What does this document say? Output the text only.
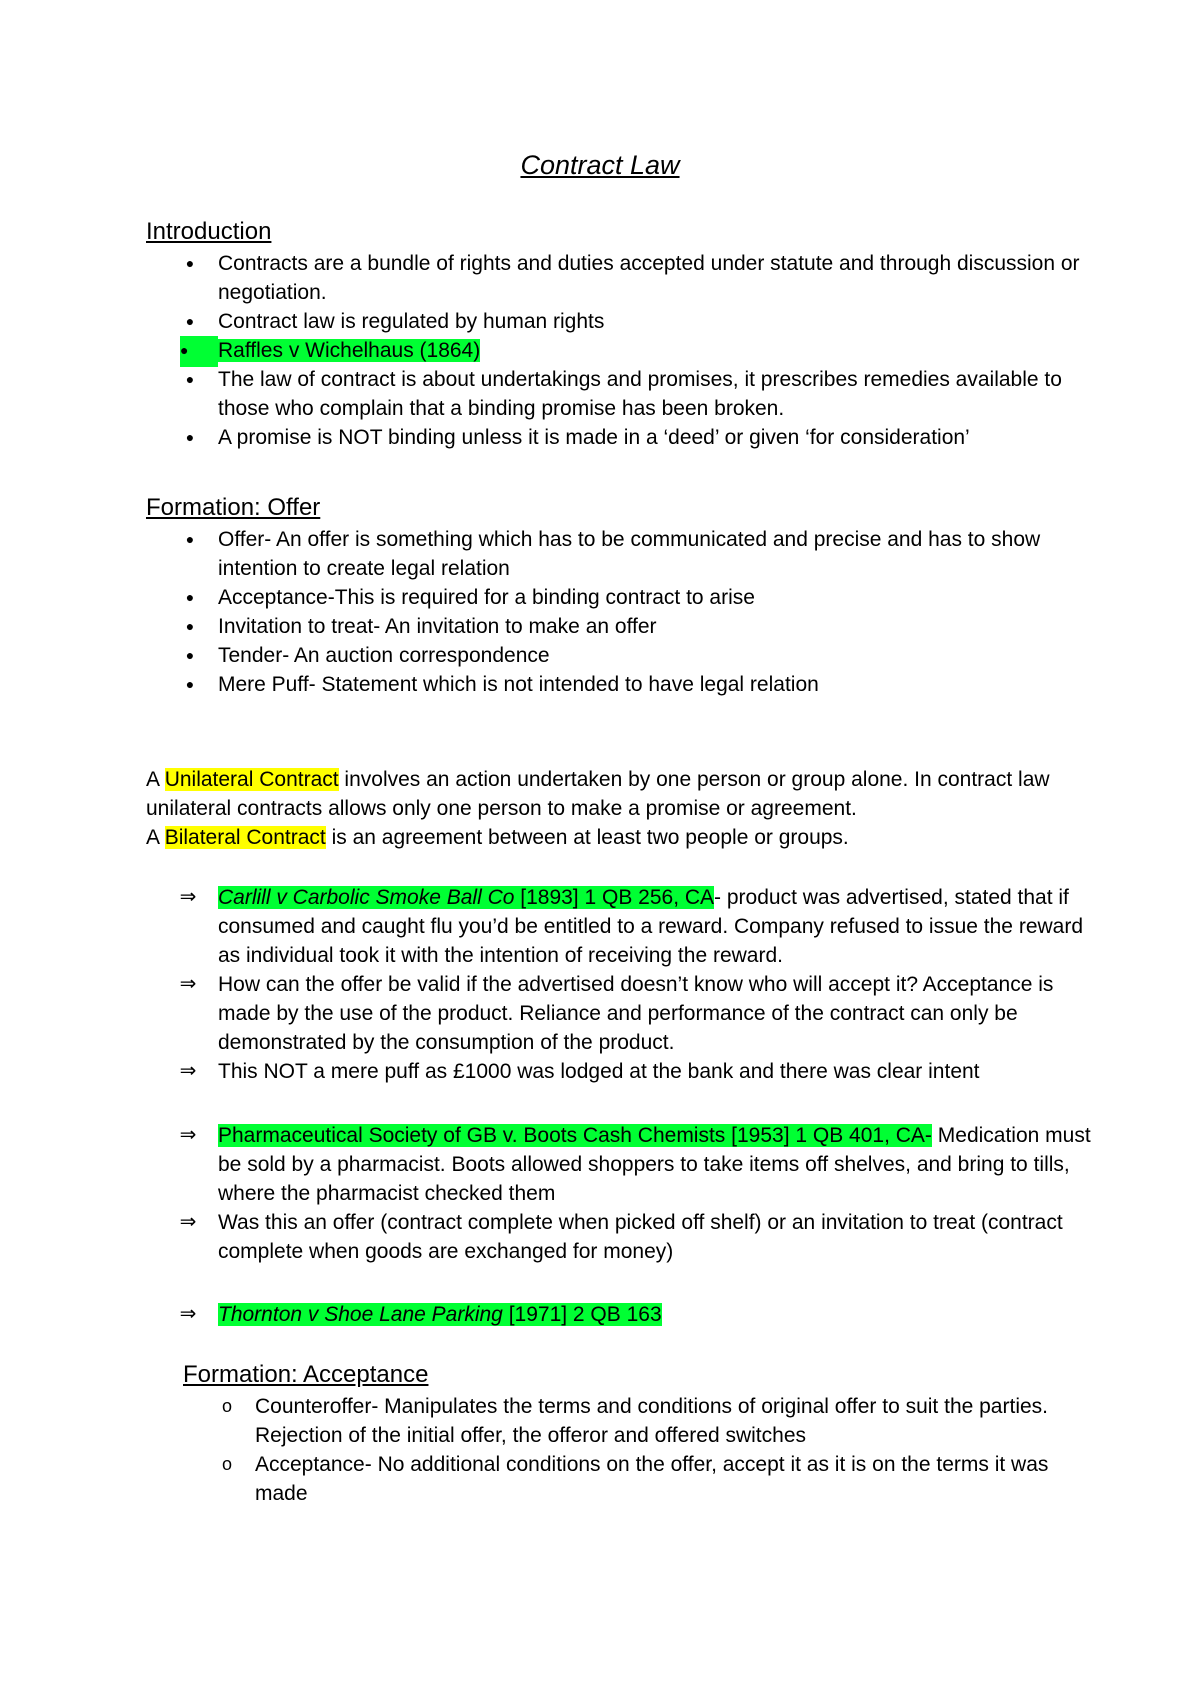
Contract Law
Introduction
●
Contracts are a bundle of rights and duties accepted under statute and through discussion or negotiation.
●
Contract law is regulated by human rights
●
Raffles v Wichelhaus (1864)
●
The law of contract is about undertakings and promises, it prescribes remedies available to those who complain that a binding promise has been broken.
●
A promise is NOT binding unless it is made in a ‘deed’ or given ‘for consideration’
Formation: Offer
●
Offer- An offer is something which has to be communicated and precise and has to show intention to create legal relation
●
Acceptance-This is required for a binding contract to arise
●
Invitation to treat- An invitation to make an offer
●
Tender- An auction correspondence
●
Mere Puff- Statement which is not intended to have legal relation

A Unilateral Contract involves an action undertaken by one person or group alone. In contract law unilateral contracts allows only one person to make a promise or agreement.
A Bilateral Contract is an agreement between at least two people or groups.

⇒ Carlill v Carbolic Smoke Ball Co [1893] 1 QB 256, CA- product was advertised, stated that if consumed and caught flu you’d be entitled to a reward. Company refused to issue the reward as individual took it with the intention of receiving the reward.
⇒ How can the offer be valid if the advertised doesn’t know who will accept it? Acceptance is made by the use of the product. Reliance and performance of the contract can only be demonstrated by the consumption of the product.
⇒ This NOT a mere puff as £1000 was lodged at the bank and there was clear intent
⇒ Pharmaceutical Society of GB v. Boots Cash Chemists [1953] 1 QB 401, CA- Medication must be sold by a pharmacist. Boots allowed shoppers to take items off shelves, and bring to tills, where the pharmacist checked them
⇒ Was this an offer (contract complete when picked off shelf) or an invitation to treat (contract complete when goods are exchanged for money)
⇒ Thornton v Shoe Lane Parking [1971] 2 QB 163
Formation: Acceptance
o Counteroffer- Manipulates the terms and conditions of original offer to suit the parties. Rejection of the initial offer, the offeror and offered switches
o Acceptance- No additional conditions on the offer, accept it as it is on the terms it was made
